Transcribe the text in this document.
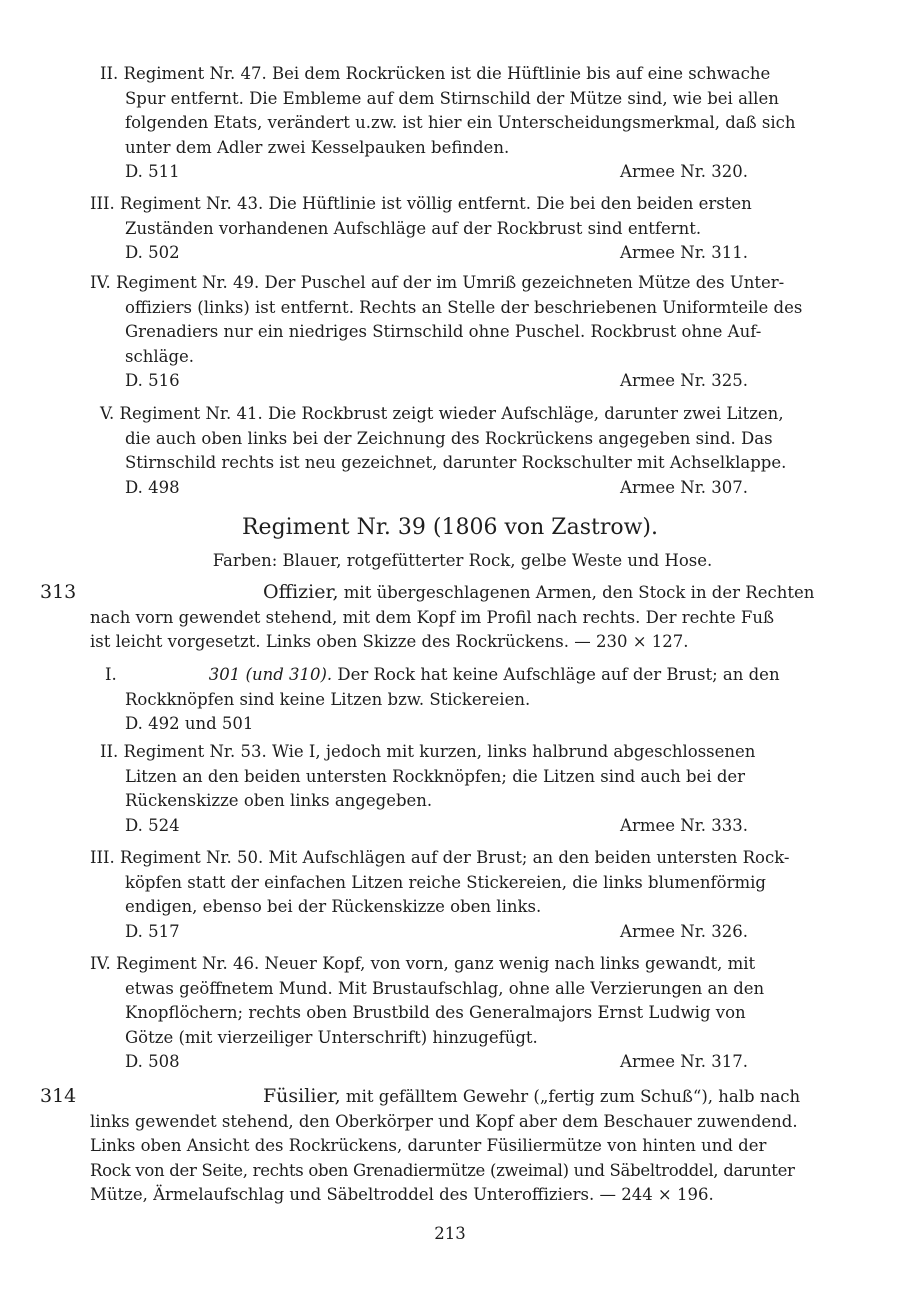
II. Regiment Nr. 47. Bei dem Rockrücken ist die Hüftlinie bis auf eine schwache

Spur entfernt. Die Embleme auf dem Stirnschild der Mütze sind, wie bei allen

folgenden Etats, verändert u.zw. ist hier ein Unterscheidungsmerkmal, daß sich

unter dem Adler zwei Kesselpauken befinden.

D. 511	Armee Nr. 320.

III. Regiment Nr. 43. Die Hüftlinie ist völlig entfernt. Die bei den beiden ersten

Zuständen vorhandenen Aufschläge auf der Rockbrust sind entfernt.

D. 502	Armee Nr. 311.

IV. Regiment Nr. 49. Der Puschel auf der im Umriß gezeichneten Mütze des Unter-

offiziers (links) ist entfernt. Rechts an Stelle der beschriebenen Uniformteile des

Grenadiers nur ein niedriges Stirnschild ohne Puschel. Rockbrust ohne Auf-

schläge.

D. 516	Armee Nr. 325.

V. Regiment Nr. 41. Die Rockbrust zeigt wieder Aufschläge, darunter zwei Litzen,

die auch oben links bei der Zeichnung des Rockrückens angegeben sind. Das

Stirnschild rechts ist neu gezeichnet, darunter Rockschulter mit Achselklappe.

D. 498	Armee Nr. 307.
Regiment Nr. 39 (1806 von Zastrow).
Farben: Blauer, rotgefütterter Rock, gelbe Weste und Hose.
313	Offizier, mit übergeschlagenen Armen, den Stock in der Rechten

nach vorn gewendet stehend, mit dem Kopf im Profil nach rechts. Der rechte Fuß

ist leicht vorgesetzt. Links oben Skizze des Rockrückens. — 230 × 127.

I.	301 (und 310). Der Rock hat keine Aufschläge auf der Brust; an den

Rockknöpfen sind keine Litzen bzw. Stickereien.

D. 492 und 501

II. Regiment Nr. 53. Wie I, jedoch mit kurzen, links halbrund abgeschlossenen

Litzen an den beiden untersten Rockknöpfen; die Litzen sind auch bei der

Rückenskizze oben links angegeben.

D. 524	Armee Nr. 333.

III. Regiment Nr. 50. Mit Aufschlägen auf der Brust; an den beiden untersten Rock-

köpfen statt der einfachen Litzen reiche Stickereien, die links blumenförmig

endigen, ebenso bei der Rückenskizze oben links.

D. 517	Armee Nr. 326.

IV. Regiment Nr. 46. Neuer Kopf, von vorn, ganz wenig nach links gewandt, mit

etwas geöffnetem Mund. Mit Brustaufschlag, ohne alle Verzierungen an den

Knopflöchern; rechts oben Brustbild des Generalmajors Ernst Ludwig von

Götze (mit vierzeiliger Unterschrift) hinzugefügt.

D. 508	Armee Nr. 317.
314	Füsilier, mit gefälltem Gewehr („fertig zum Schuß“), halb nach

links gewendet stehend, den Oberkörper und Kopf aber dem Beschauer zuwendend.

Links oben Ansicht des Rockrückens, darunter Füsiliermütze von hinten und der

Rock von der Seite, rechts oben Grenadiermütze (zweimal) und Säbeltroddel, darunter

Mütze, Ärmelaufschlag und Säbeltroddel des Unteroffiziers. — 244 × 196.

213
